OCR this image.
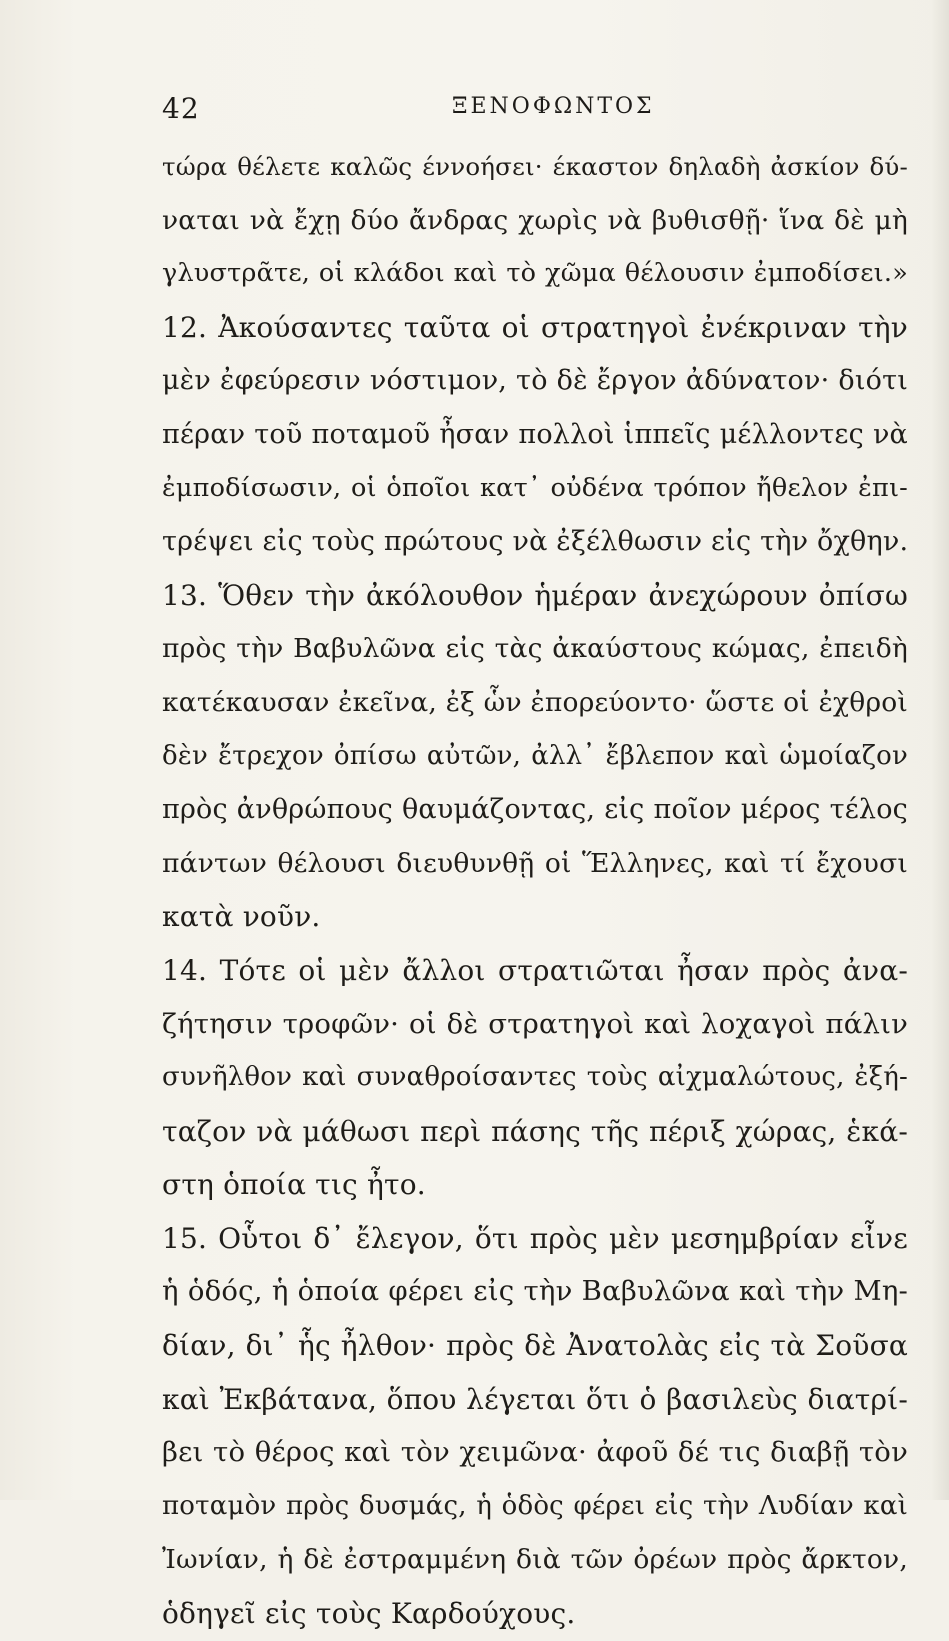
42	ΞΕΝΟΦΩΝΤΟΣ
τώρα θέλετε καλῶς έννοήσει· έκαστον δηλαδὴ ἀσκίον δύ-
ναται νὰ ἔχῃ δύο ἄνδρας χωρὶς νὰ βυθισθῇ· ἵνα δὲ μὴ
γλυστρᾶτε, οἱ κλάδοι καὶ τὸ χῶμα θέλουσιν ἐμποδίσει.»
12. Ἀκούσαντες ταῦτα οἱ στρατηγοὶ ἐνέκριναν τὴν
μὲν ἐφεύρεσιν νόστιμον, τὸ δὲ ἔργον ἀδύνατον· διότι
πέραν τοῦ ποταμοῦ ἦσαν πολλοὶ ἱππεῖς μέλλοντες νὰ
ἐμποδίσωσιν, οἱ ὁποῖοι κατ᾽ οὐδένα τρόπον ἤθελον ἐπι-
τρέψει εἰς τοὺς πρώτους νὰ ἐξέλθωσιν εἰς τὴν ὄχθην.
13. Ὅθεν τὴν ἀκόλουθον ἡμέραν ἀνεχώρουν ὀπίσω
πρὸς τὴν Βαβυλῶνα εἰς τὰς ἀκαύστους κώμας, ἐπειδὴ
κατέκαυσαν ἐκεῖνα, ἐξ ὧν ἐπορεύοντο· ὥστε οἱ ἐχθροὶ
δὲν ἔτρεχον ὀπίσω αὐτῶν, ἀλλ᾽ ἔβλεπον καὶ ὡμοίαζον
πρὸς ἀνθρώπους θαυμάζοντας, εἰς ποῖον μέρος τέλος
πάντων θέλουσι διευθυνθῇ οἱ Ἕλληνες, καὶ τί ἔχουσι
κατὰ νοῦν.
14. Τότε οἱ μὲν ἄλλοι στρατιῶται ἦσαν πρὸς ἀνα-
ζήτησιν τροφῶν· οἱ δὲ στρατηγοὶ καὶ λοχαγοὶ πάλιν
συνῆλθον καὶ συναθροίσαντες τοὺς αἰχμαλώτους, ἐξή-
ταζον νὰ μάθωσι περὶ πάσης τῆς πέριξ χώρας, ἑκά-
στη ὁποία τις ἦτο.
15. Οὗτοι δ᾽ ἔλεγον, ὅτι πρὸς μὲν μεσημβρίαν εἶνε
ἡ ὁδός, ἡ ὁποία φέρει εἰς τὴν Βαβυλῶνα καὶ τὴν Μη-
δίαν, δι᾽ ἧς ἦλθον· πρὸς δὲ Ἀνατολὰς εἰς τὰ Σοῦσα
καὶ Ἐκβάτανα, ὅπου λέγεται ὅτι ὁ βασιλεὺς διατρί-
βει τὸ θέρος καὶ τὸν χειμῶνα· ἀφοῦ δέ τις διαβῇ τὸν
ποταμὸν πρὸς δυσμάς, ἡ ὁδὸς φέρει εἰς τὴν Λυδίαν καὶ
Ἰωνίαν, ἡ δὲ ἐστραμμένη διὰ τῶν ὀρέων πρὸς ἄρκτον,
ὁδηγεῖ εἰς τοὺς Καρδούχους.
